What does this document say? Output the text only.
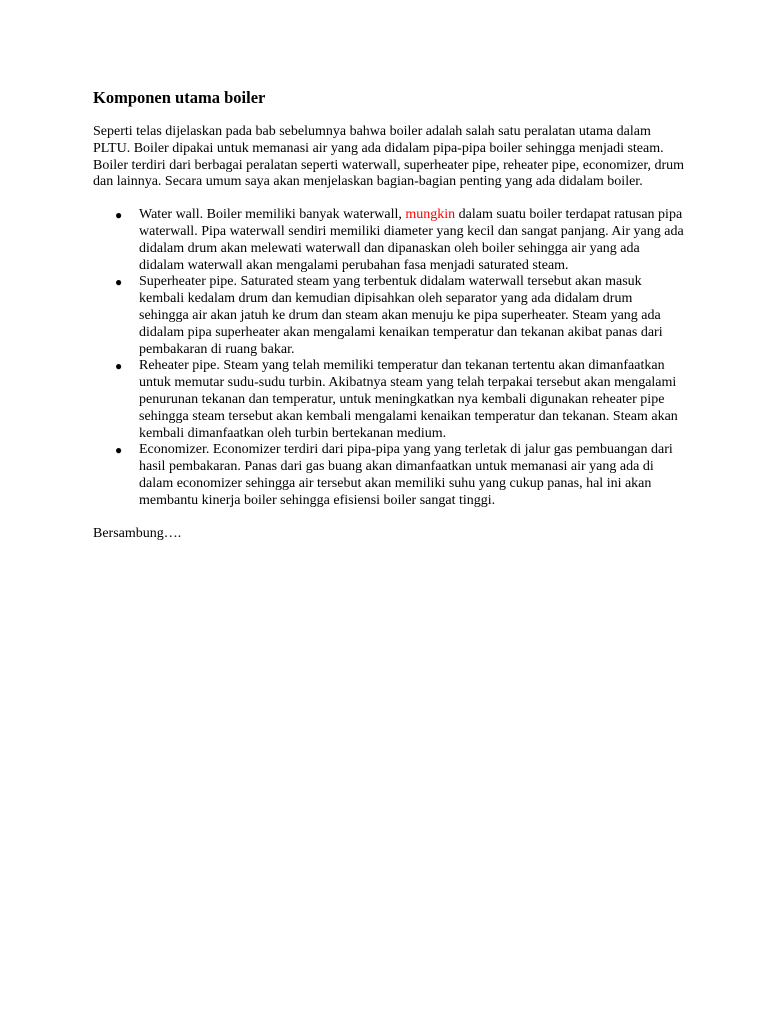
Komponen utama boiler

Seperti telas dijelaskan pada bab sebelumnya bahwa boiler adalah salah satu peralatan utama dalam PLTU. Boiler dipakai untuk memanasi air yang ada didalam pipa-pipa boiler sehingga menjadi steam. Boiler terdiri dari berbagai peralatan seperti waterwall, superheater pipe, reheater pipe, economizer, drum dan lainnya. Secara umum saya akan menjelaskan bagian-bagian penting yang ada didalam boiler.

● Water wall. Boiler memiliki banyak waterwall, mungkin dalam suatu boiler terdapat ratusan pipa waterwall. Pipa waterwall sendiri memiliki diameter yang kecil dan sangat panjang. Air yang ada didalam drum akan melewati waterwall dan dipanaskan oleh boiler sehingga air yang ada didalam waterwall akan mengalami perubahan fasa menjadi saturated steam.
● Superheater pipe. Saturated steam yang terbentuk didalam waterwall tersebut akan masuk kembali kedalam drum dan kemudian dipisahkan oleh separator yang ada didalam drum sehingga air akan jatuh ke drum dan steam akan menuju ke pipa superheater. Steam yang ada didalam pipa superheater akan mengalami kenaikan temperatur dan tekanan akibat panas dari pembakaran di ruang bakar.
● Reheater pipe. Steam yang telah memiliki temperatur dan tekanan tertentu akan dimanfaatkan untuk memutar sudu-sudu turbin. Akibatnya steam yang telah terpakai tersebut akan mengalami penurunan tekanan dan temperatur, untuk meningkatkan nya kembali digunakan reheater pipe sehingga steam tersebut akan kembali mengalami kenaikan temperatur dan tekanan. Steam akan kembali dimanfaatkan oleh turbin bertekanan medium.
● Economizer. Economizer terdiri dari pipa-pipa yang yang terletak di jalur gas pembuangan dari hasil pembakaran. Panas dari gas buang akan dimanfaatkan untuk memanasi air yang ada di dalam economizer sehingga air tersebut akan memiliki suhu yang cukup panas, hal ini akan membantu kinerja boiler sehingga efisiensi boiler sangat tinggi.

Bersambung….
